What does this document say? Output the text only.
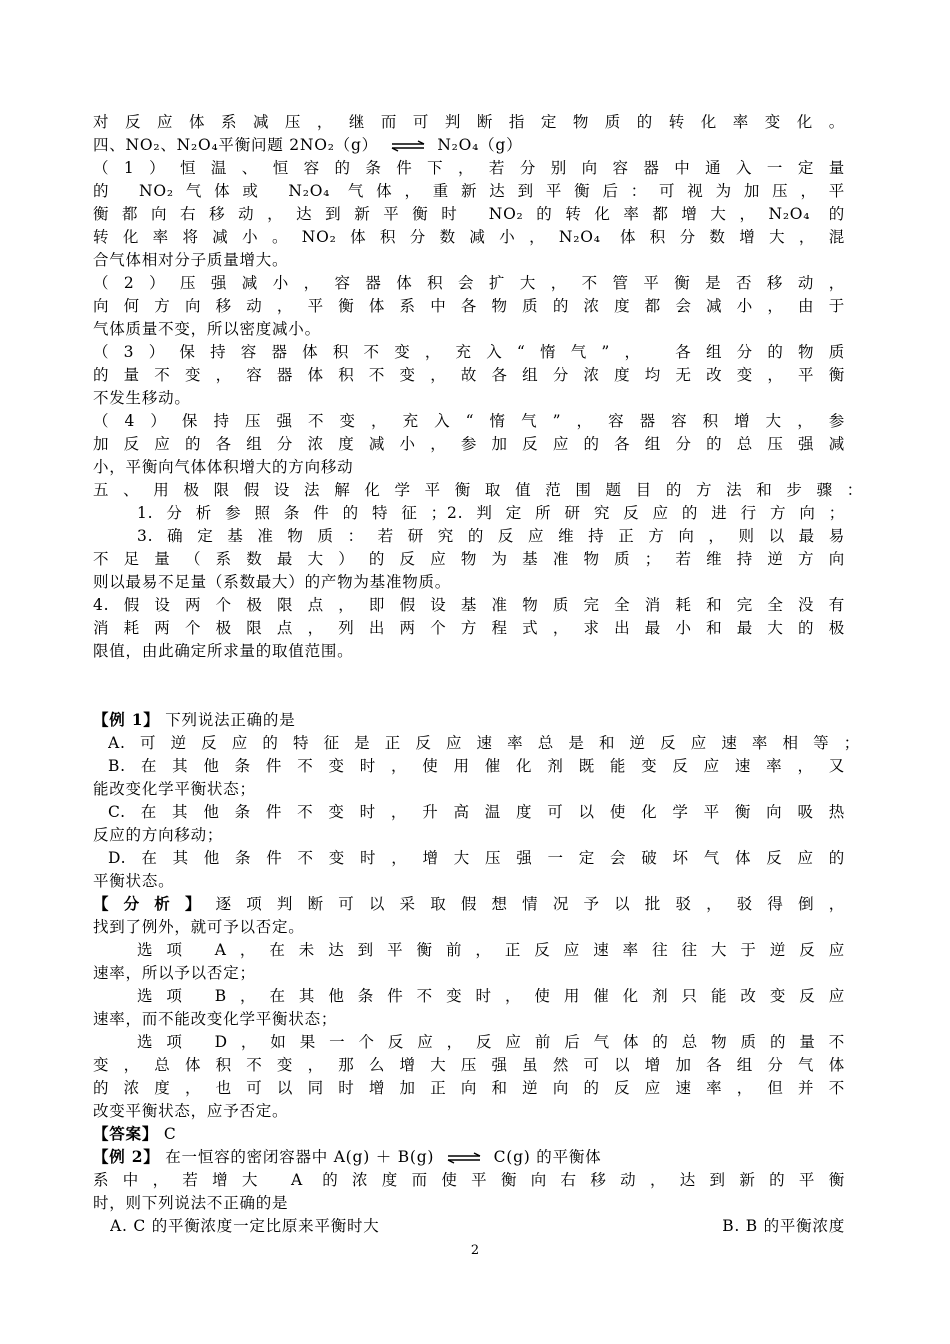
对反应体系减压，继而可判断指定物质的转化率变化。
四、NO₂、N₂O₄平衡问题 2NO₂（g） ⇌ N₂O₄（g）
（1）恒温、恒容的条件下，若分别向容器中通入一定量
的 NO₂气体或 N₂O₄ 气体，重新达到平衡后：可视为加压，平
衡都向右移动，达到新平衡时 NO₂的转化率都增大，N₂O₄ 的
转化率将减小。NO₂体积分数减小，N₂O₄ 体积分数增大，混
合气体相对分子质量增大。
（2）压强减小，容器体积会扩大，不管平衡是否移动，
向何方向移动，平衡体系中各物质的浓度都会减小，由于
气体质量不变，所以密度减小。
（3）保持容器体积不变，充入“惰气”， 各组分的物质
的量不变，容器体积不变，故各组分浓度均无改变，平衡
不发生移动。
（4）保持压强不变，充入“惰气”，容器容积增大，参
加反应的各组分浓度减小，参加反应的各组分的总压强减
小，平衡向气体体积增大的方向移动
五、用极限假设法解化学平衡取值范围题目的方法和步骤：
1.分析参照条件的特征；2.判定所研究反应的进行方向；
3.确定基准物质：若研究的反应维持正方向，则以最易
不足量（系数最大）的反应物为基准物质；若维持逆方向
则以最易不足量（系数最大）的产物为基准物质。
4.假设两个极限点，即假设基准物质完全消耗和完全没有
消耗两个极限点，列出两个方程式，求出最小和最大的极
限值，由此确定所求量的取值范围。
【例 1】 下列说法正确的是
A.可逆反应的特征是正反应速率总是和逆反应速率相等；
B.在其他条件不变时，使用催化剂既能变反应速率，又
能改变化学平衡状态；
C.在其他条件不变时，升高温度可以使化学平衡向吸热
反应的方向移动；
D.在其他条件不变时，增大压强一定会破坏气体反应的
平衡状态。
【分析】逐项判断可以采取假想情况予以批驳，驳得倒，
找到了例外，就可予以否定。
选项 A，在未达到平衡前，正反应速率往往大于逆反应
速率，所以予以否定；
选项 B，在其他条件不变时，使用催化剂只能改变反应
速率，而不能改变化学平衡状态；
选项 D，如果一个反应，反应前后气体的总物质的量不
变，总体积不变，那么增大压强虽然可以增加各组分气体
的浓度，也可以同时增加正向和逆向的反应速率，但并不
改变平衡状态，应予否定。
【答案】 C
【例 2】 在一恒容的密闭容器中 A(g) ＋ B(g) ⇌ C(g) 的平衡体
系中，若增大 A 的浓度而使平衡向右移动，达到新的平衡
时，则下列说法不正确的是
A. C 的平衡浓度一定比原来平衡时大	B. B 的平衡浓度
2
